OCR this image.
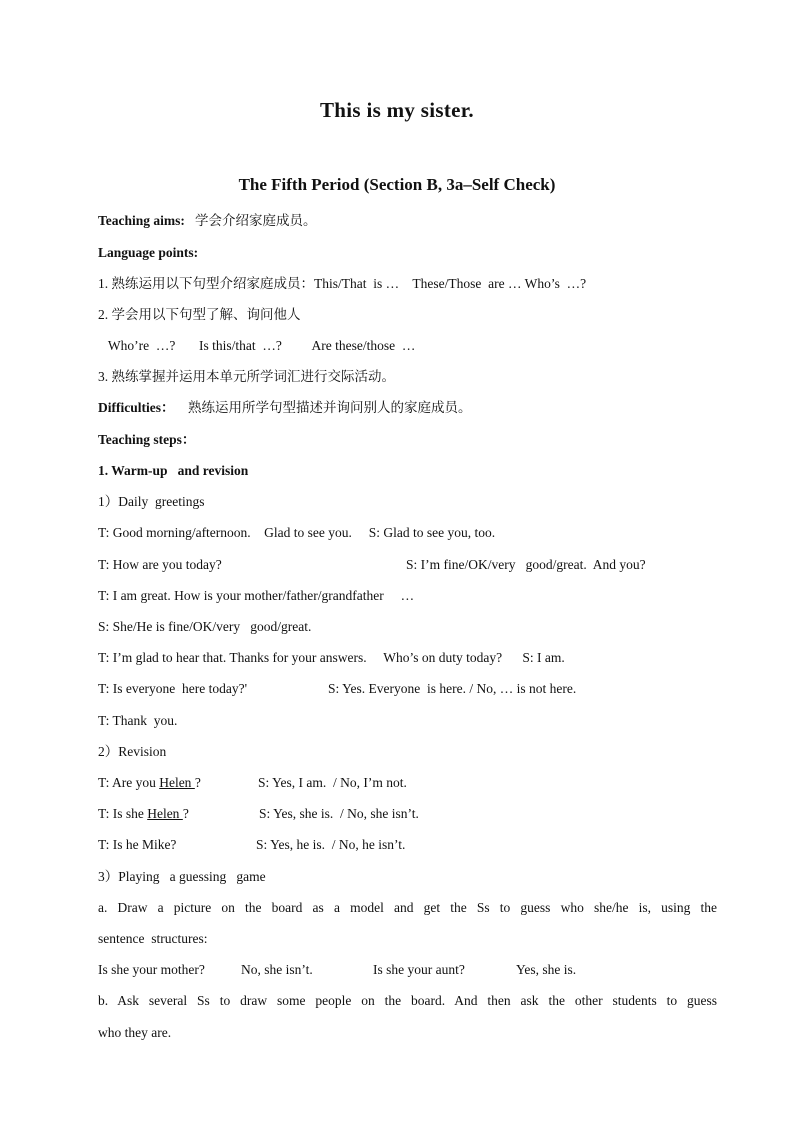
This is my sister.
The Fifth Period (Section B, 3a–Self Check)
Teaching aims: 学会介绍家庭成员。
Language points:
1. 熟练运用以下句型介绍家庭成员：This/That  is …    These/Those  are … Who’s  …?
2. 学会用以下句型了解、询问他人
Who’re  …?       Is this/that  …?         Are these/those  …
3. 熟练掌握并运用本单元所学词汇进行交际活动。
Difficulties： 熟练运用所学句型描述并询问别人的家庭成员。
Teaching steps：
1. Warm-up   and revision
1）Daily  greetings
T: Good morning/afternoon.    Glad to see you.     S: Glad to see you, too.
T: How are you today?	S: I’m fine/OK/very   good/great.  And you?
T: I am great. How is your mother/father/grandfather     …
S: She/He is fine/OK/very   good/great.
T: I’m glad to hear that. Thanks for your answers.     Who’s on duty today?      S: I am.
T: Is everyone  here today?'	S: Yes. Everyone  is here. / No, … is not here.
T: Thank  you.
2）Revision
T: Are you Helen ?	S: Yes, I am.  / No, I’m not.
T: Is she Helen ?	S: Yes, she is.  / No, she isn’t.
T: Is he Mike?	S: Yes, he is.  / No, he isn’t.
3）Playing   a guessing   game
a. Draw a picture on the board as a model and get the Ss to guess who she/he is, using the
sentence  structures:
Is she your mother?	No, she isn’t.	Is she your aunt?	Yes, she is.
b. Ask several Ss to draw some people on the board. And then ask the other students to guess
who they are.
